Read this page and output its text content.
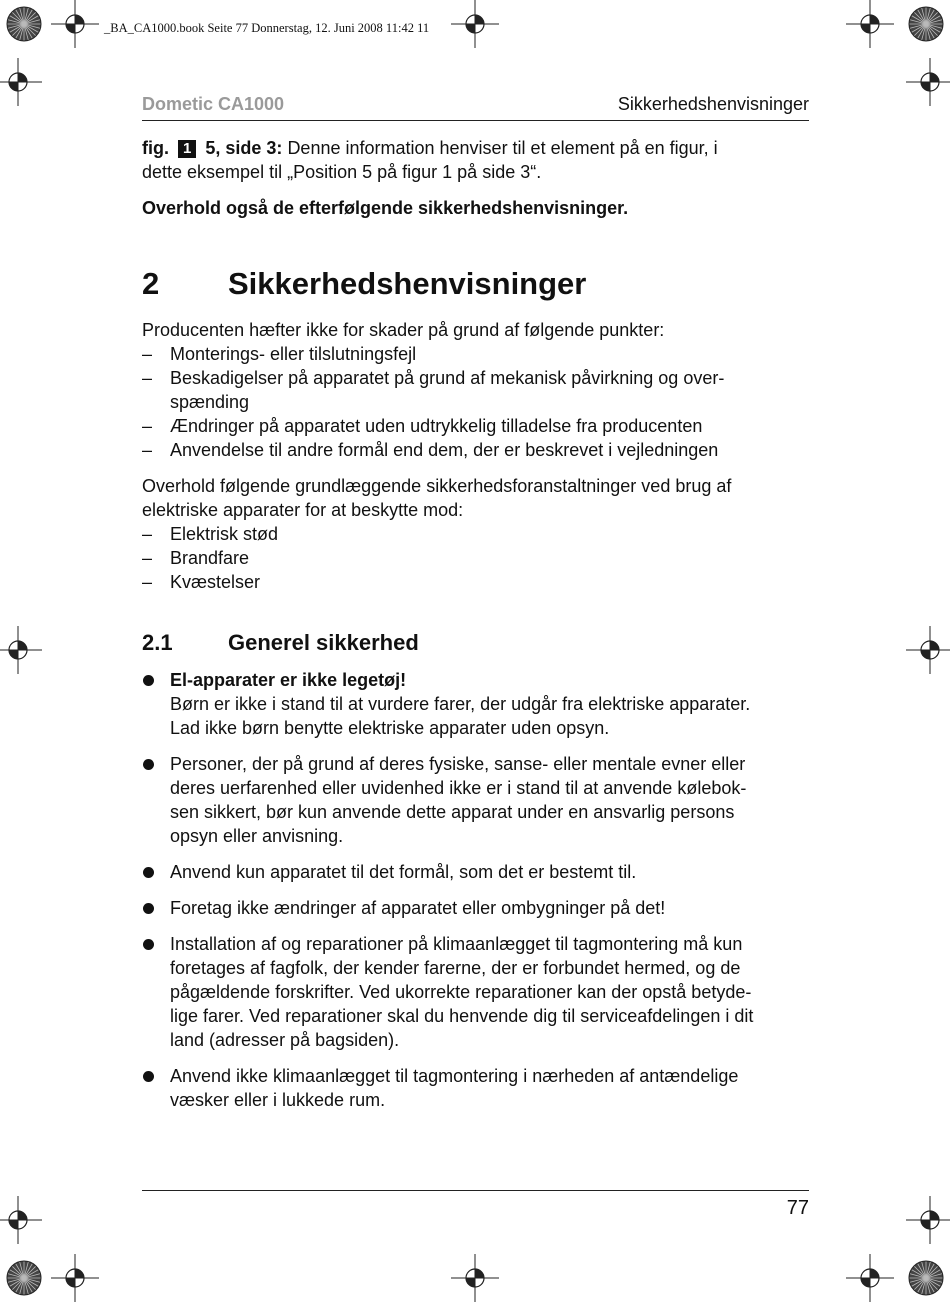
_BA_CA1000.book Seite 77 Donnerstag, 12. Juni 2008 11:42 11
Dometic CA1000	Sikkerhedshenvisninger

fig. 1 5, side 3: Denne information henviser til et element på en figur, i
dette eksempel til „Position 5 på figur 1 på side 3“.

Overhold også de efterfølgende sikkerhedshenvisninger.

2	Sikkerhedshenvisninger

Producenten hæfter ikke for skader på grund af følgende punkter:

– Monterings- eller tilslutningsfejl
– Beskadigelser på apparatet på grund af mekanisk påvirkning og over-
spænding
– Ændringer på apparatet uden udtrykkelig tilladelse fra producenten
– Anvendelse til andre formål end dem, der er beskrevet i vejledningen

Overhold følgende grundlæggende sikkerhedsforanstaltninger ved brug af
elektriske apparater for at beskytte mod:

– Elektrisk stød
– Brandfare
– Kvæstelser
2.1	Generel sikkerhed
El-apparater er ikke legetøj!
Børn er ikke i stand til at vurdere farer, der udgår fra elektriske apparater.
Lad ikke børn benytte elektriske apparater uden opsyn.
Personer, der på grund af deres fysiske, sanse- eller mentale evner eller
deres uerfarenhed eller uvidenhed ikke er i stand til at anvende kølebok-
sen sikkert, bør kun anvende dette apparat under en ansvarlig persons
opsyn eller anvisning.
Anvend kun apparatet til det formål, som det er bestemt til.
Foretag ikke ændringer af apparatet eller ombygninger på det!
Installation af og reparationer på klimaanlægget til tagmontering må kun
foretages af fagfolk, der kender farerne, der er forbundet hermed, og de
pågældende forskrifter. Ved ukorrekte reparationer kan der opstå betyde-
lige farer. Ved reparationer skal du henvende dig til serviceafdelingen i dit
land (adresser på bagsiden).
Anvend ikke klimaanlægget til tagmontering i nærheden af antændelige
væsker eller i lukkede rum.
77
